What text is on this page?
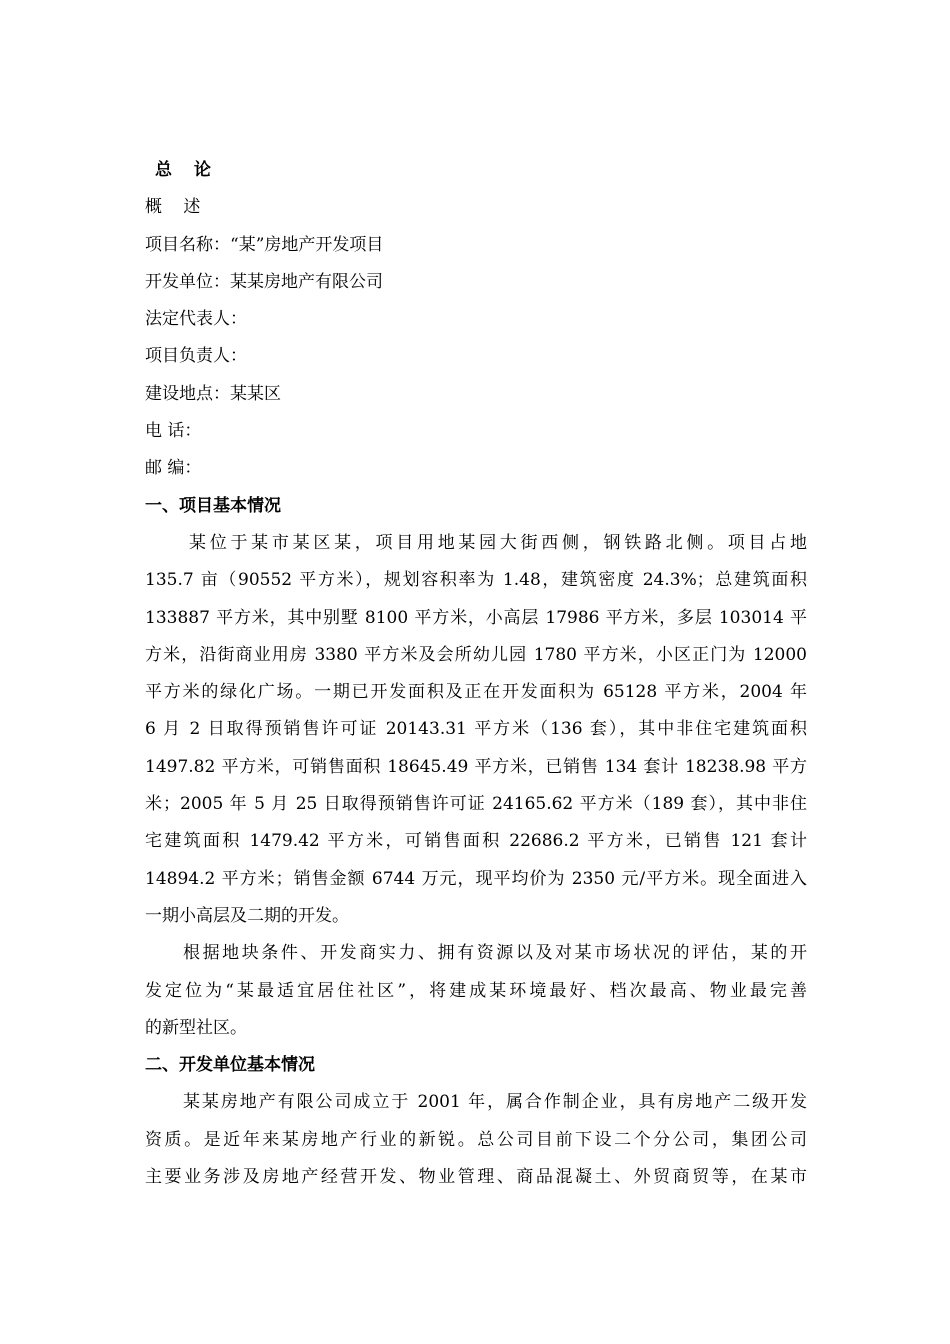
总 论

概 述

项目名称：“某”房地产开发项目

开发单位：某某房地产有限公司

法定代表人：

项目负责人：

建设地点：某某区

电 话：

邮 编：

一、项目基本情况

某位于某市某区某，项目用地某园大街西侧，钢铁路北侧。项目占地
135.7 亩（90552 平方米），规划容积率为 1.48，建筑密度 24.3%；总建筑面积
133887 平方米，其中别墅 8100 平方米，小高层 17986 平方米，多层 103014 平
方米，沿街商业用房 3380 平方米及会所幼儿园 1780 平方米，小区正门为 12000
平方米的绿化广场。一期已开发面积及正在开发面积为 65128 平方米，2004 年
6 月 2 日取得预销售许可证 20143.31 平方米（136 套），其中非住宅建筑面积
1497.82 平方米，可销售面积 18645.49 平方米，已销售 134 套计 18238.98 平方
米；2005 年 5 月 25 日取得预销售许可证 24165.62 平方米（189 套），其中非住
宅建筑面积 1479.42 平方米，可销售面积 22686.2 平方米，已销售 121 套计
14894.2 平方米；销售金额 6744 万元，现平均价为 2350 元/平方米。现全面进入
一期小高层及二期的开发。
根据地块条件、开发商实力、拥有资源以及对某市场状况的评估，某的开
发定位为“某最适宜居住社区”，将建成某环境最好、档次最高、物业最完善
的新型社区。

二、开发单位基本情况

某某房地产有限公司成立于 2001 年，属合作制企业，具有房地产二级开发
资质。是近年来某房地产行业的新锐。总公司目前下设二个分公司，集团公司
主要业务涉及房地产经营开发、物业管理、商品混凝土、外贸商贸等，在某市
